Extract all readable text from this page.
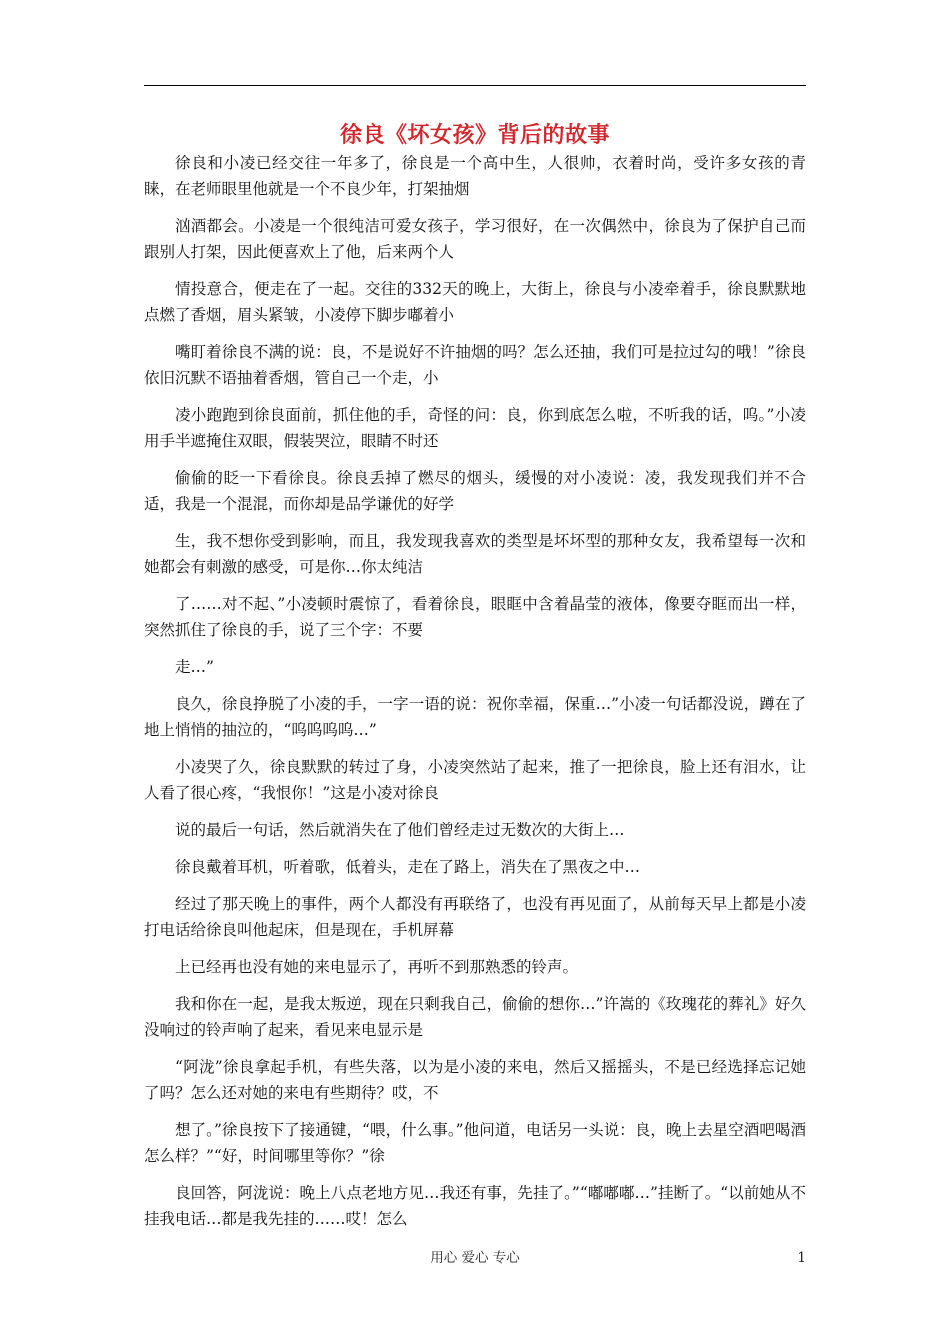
徐良《坏女孩》背后的故事

徐良和小凌已经交往一年多了，徐良是一个高中生，人很帅，衣着时尚，受许多女孩的青睐，在老师眼里他就是一个不良少年，打架抽烟

汹酒都会。小凌是一个很纯洁可爱女孩子，学习很好，在一次偶然中，徐良为了保护自己而跟别人打架，因此便喜欢上了他，后来两个人

情投意合，便走在了一起。交往的332天的晚上，大街上，徐良与小凌牵着手，徐良默默地点燃了香烟，眉头紧皱，小凌停下脚步嘟着小

嘴盯着徐良不满的说：良，不是说好不许抽烟的吗？怎么还抽，我们可是拉过勾的哦！”徐良依旧沉默不语抽着香烟，管自己一个走，小

凌小跑跑到徐良面前，抓住他的手，奇怪的问：良，你到底怎么啦，不听我的话，呜。”小凌用手半遮掩住双眼，假装哭泣，眼睛不时还

偷偷的眨一下看徐良。徐良丢掉了燃尽的烟头，缓慢的对小凌说：凌，我发现我们并不合适，我是一个混混，而你却是品学谦优的好学

生，我不想你受到影响，而且，我发现我喜欢的类型是坏坏型的那种女友，我希望每一次和她都会有刺激的感受，可是你…你太纯洁

了……对不起、”小凌顿时震惊了，看着徐良，眼眶中含着晶莹的液体，像要夺眶而出一样，突然抓住了徐良的手，说了三个字：不要

走…”

良久，徐良挣脱了小凌的手，一字一语的说：祝你幸福，保重…”小凌一句话都没说，蹲在了地上悄悄的抽泣的，“呜呜呜呜…”

小凌哭了久，徐良默默的转过了身，小凌突然站了起来，推了一把徐良，脸上还有泪水，让人看了很心疼，“我恨你！”这是小凌对徐良

说的最后一句话，然后就消失在了他们曾经走过无数次的大街上…

徐良戴着耳机，听着歌，低着头，走在了路上，消失在了黑夜之中…

经过了那天晚上的事件，两个人都没有再联络了，也没有再见面了，从前每天早上都是小凌打电话给徐良叫他起床，但是现在，手机屏幕

上已经再也没有她的来电显示了，再听不到那熟悉的铃声。

我和你在一起，是我太叛逆，现在只剩我自己，偷偷的想你…”许嵩的《玫瑰花的葬礼》好久没响过的铃声响了起来，看见来电显示是

“阿泷”徐良拿起手机，有些失落，以为是小凌的来电，然后又摇摇头，不是已经选择忘记她了吗？怎么还对她的来电有些期待？哎，不

想了。”徐良按下了接通键，“喂，什么事。”他问道，电话另一头说：良，晚上去星空酒吧喝酒怎么样？”“好，时间哪里等你？”徐

良回答，阿泷说：晚上八点老地方见…我还有事，先挂了。”“嘟嘟嘟…”挂断了。“以前她从不挂我电话…都是我先挂的……哎！怎么

用心 爱心 专心	1
